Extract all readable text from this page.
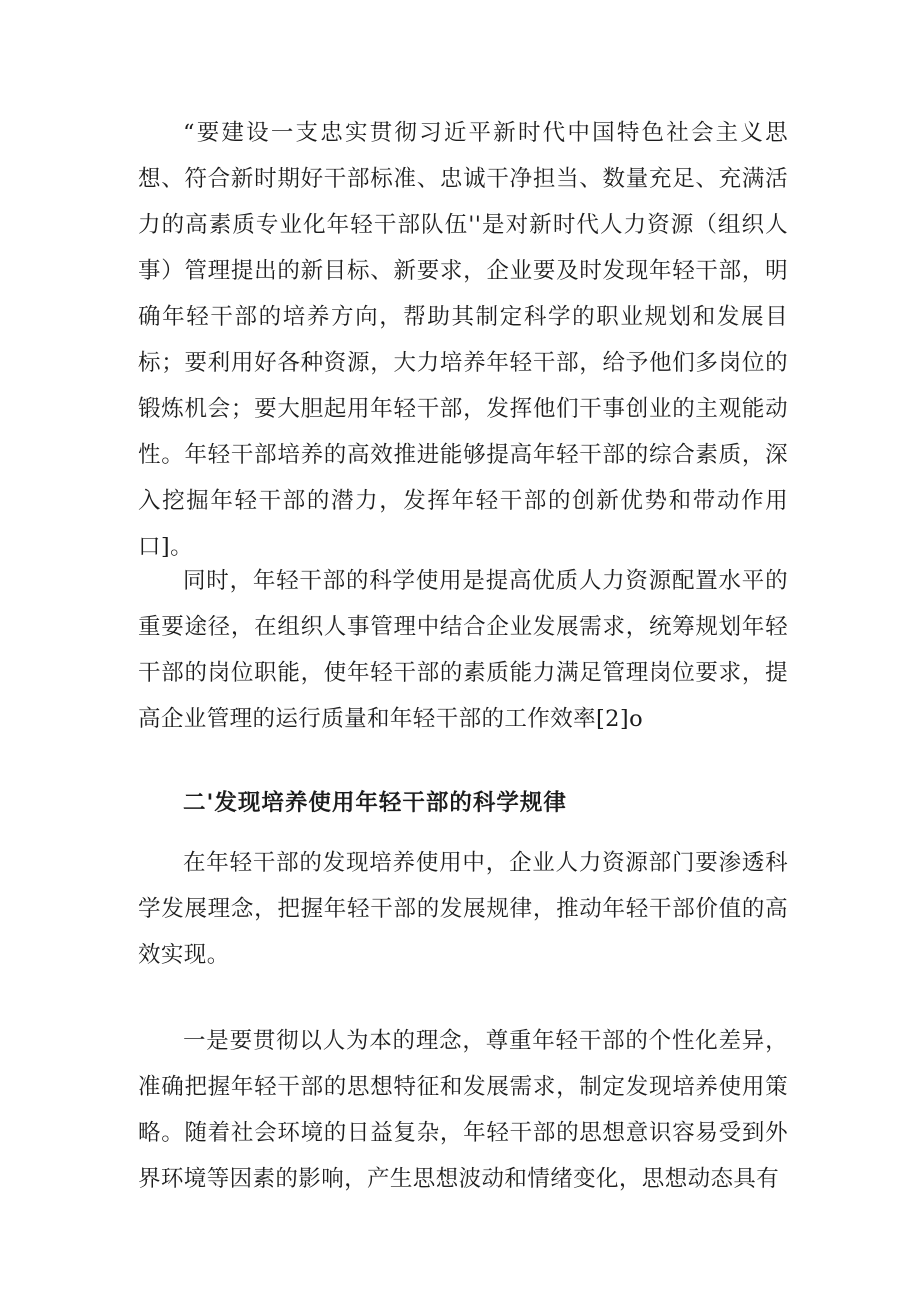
“要建设一支忠实贯彻习近平新时代中国特色社会主义思想、符合新时期好干部标准、忠诚干净担当、数量充足、充满活力的高素质专业化年轻干部队伍''是对新时代人力资源（组织人事）管理提出的新目标、新要求，企业要及时发现年轻干部，明确年轻干部的培养方向，帮助其制定科学的职业规划和发展目标；要利用好各种资源，大力培养年轻干部，给予他们多岗位的锻炼机会；要大胆起用年轻干部，发挥他们干事创业的主观能动性。年轻干部培养的高效推进能够提高年轻干部的综合素质，深入挖掘年轻干部的潜力，发挥年轻干部的创新优势和带动作用口]。

同时，年轻干部的科学使用是提高优质人力资源配置水平的重要途径，在组织人事管理中结合企业发展需求，统筹规划年轻干部的岗位职能，使年轻干部的素质能力满足管理岗位要求，提高企业管理的运行质量和年轻干部的工作效率[2]o

二'发现培养使用年轻干部的科学规律

在年轻干部的发现培养使用中，企业人力资源部门要渗透科学发展理念，把握年轻干部的发展规律，推动年轻干部价值的高效实现。

一是要贯彻以人为本的理念，尊重年轻干部的个性化差异，准确把握年轻干部的思想特征和发展需求，制定发现培养使用策略。随着社会环境的日益复杂，年轻干部的思想意识容易受到外界环境等因素的影响，产生思想波动和情绪变化，思想动态具有
